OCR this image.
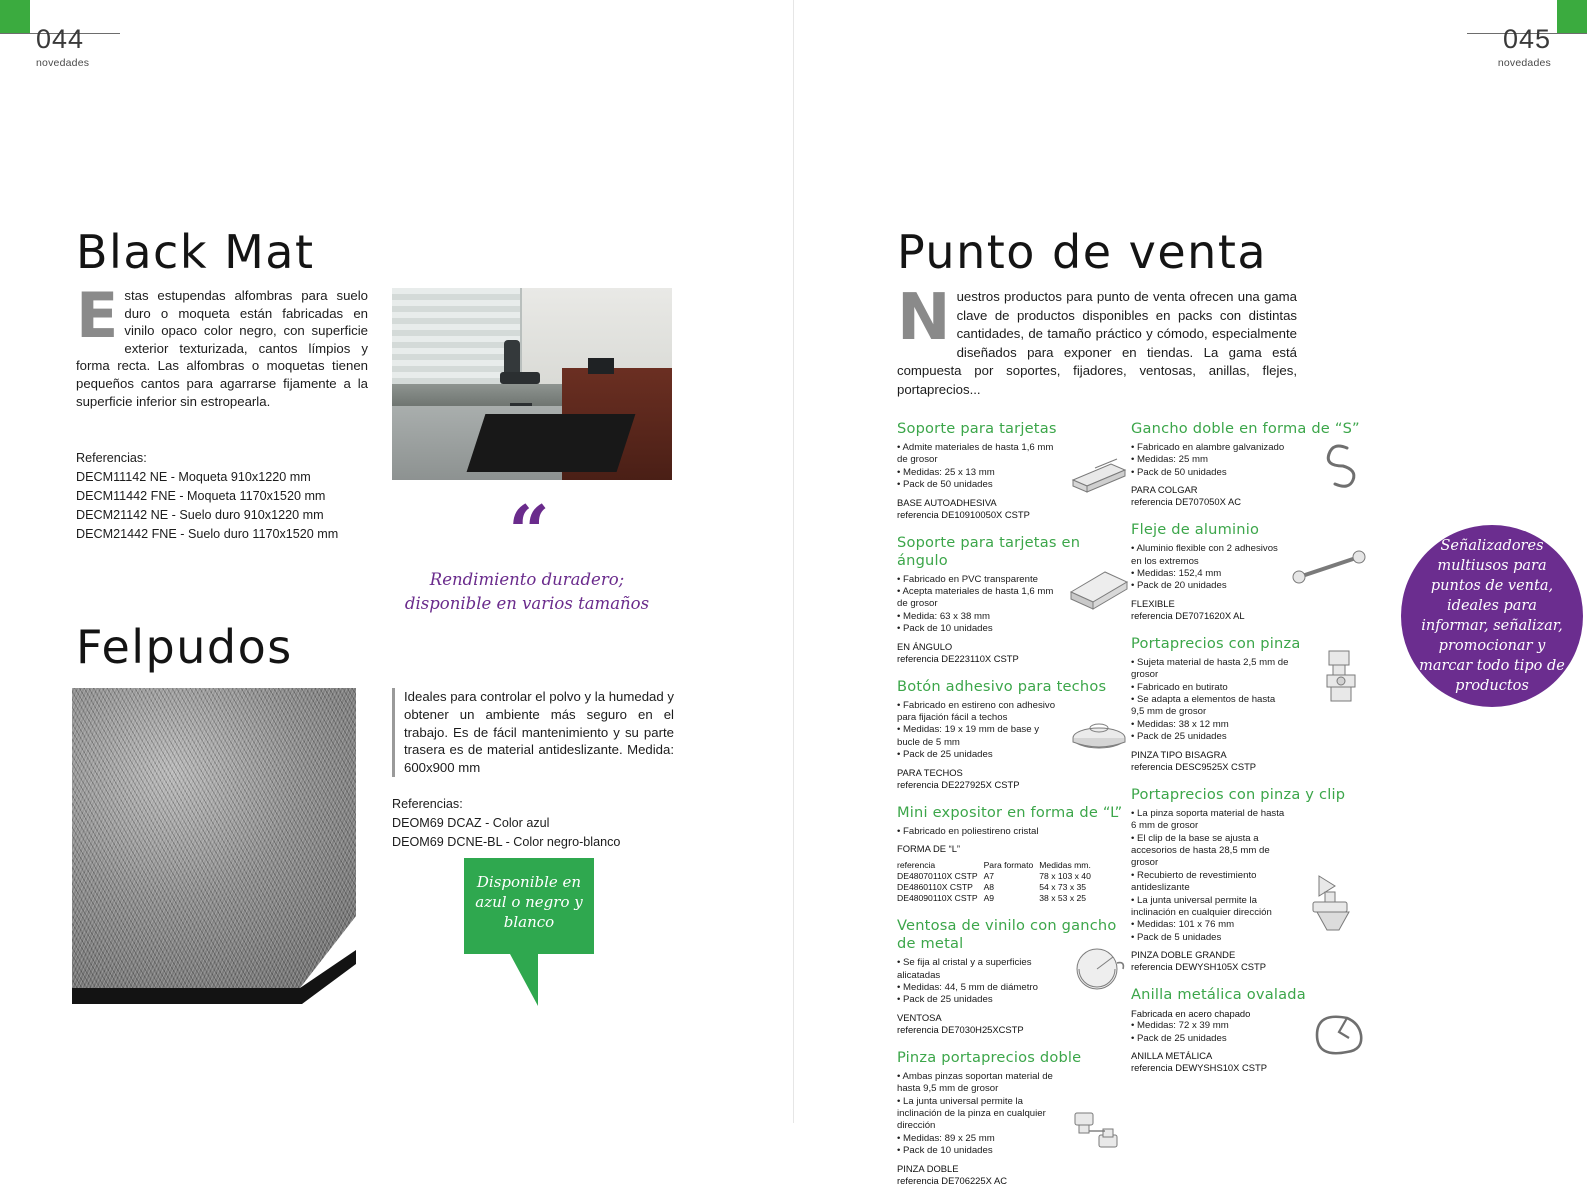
044
novedades
045
novedades
Black Mat
Estas estupendas alfombras para suelo duro o moqueta están fabricadas en vinilo opaco color negro, con superficie exterior texturizada, cantos límpios y forma recta. Las alfombras o moquetas tienen pequeños cantos para agarrarse fijamente a la superficie inferior sin estropearla.
Referencias:
DECM11142 NE - Moqueta 910x1220 mm
DECM11442 FNE - Moqueta 1170x1520 mm
DECM21142 NE - Suelo duro 910x1220 mm
DECM21442 FNE - Suelo duro 1170x1520 mm	“
Rendimiento duradero; disponible en varios tamaños
Felpudos
Ideales para controlar el polvo y la humedad y obtener un ambiente más seguro en el trabajo. Es de fácil mantenimiento y su parte trasera es de material antideslizante. Medida: 600x900 mm
Referencias:
DEOM69 DCAZ - Color azul
DEOM69 DCNE-BL - Color negro-blanco
Disponible en azul o negro y blanco
Punto de venta
Nuestros productos para punto de venta ofrecen una gama clave de productos disponibles en packs con distintas cantidades, de tamaño práctico y cómodo, especialmente diseñados para exponer en tiendas. La gama está compuesta por soportes, fijadores, ventosas, anillas, flejes, portaprecios...
Señalizadores multiusos para puntos de venta, ideales para informar, señalizar, promocionar y marcar todo tipo de productos
Soporte para tarjetas
• Admite materiales de hasta 1,6 mm de grosor
• Medidas: 25 x 13 mm
• Pack de 50 unidades
BASE AUTOADHESIVA
referencia DE10910050X CSTP
Soporte para tarjetas en ángulo
• Fabricado en PVC transparente
• Acepta materiales de hasta 1,6 mm de grosor
• Medida: 63 x 38 mm
• Pack de 10 unidades
EN ÁNGULO
referencia DE223110X CSTP
Botón adhesivo para techos
• Fabricado en estireno con adhesivo para fijación fácil a techos
• Medidas: 19 x 19 mm de base y bucle de 5 mm
• Pack de 25 unidades
PARA TECHOS
referencia DE227925X CSTP
Mini expositor en forma de “L”
• Fabricado en poliestireno cristal
FORMA DE “L”
referencia	Para formato	Medidas mm.
DE48070110X CSTP	A7	78 x 103 x 40
DE4860110X CSTP	A8	54 x 73 x 35
DE48090110X CSTP	A9	38 x 53 x 25
Ventosa de vinilo con gancho de metal
• Se fija al cristal y a superficies alicatadas
• Medidas: 44, 5 mm de diámetro
• Pack de 25 unidades
VENTOSA
referencia DE7030H25XCSTP
Pinza portaprecios doble
• Ambas pinzas soportan material de hasta 9,5 mm de grosor
• La junta universal permite la inclinación de la pinza en cualquier dirección
• Medidas: 89 x 25 mm
• Pack de 10 unidades
PINZA DOBLE
referencia DE706225X AC
Gancho doble en forma de “S”
• Fabricado en alambre galvanizado
• Medidas: 25 mm
• Pack de 50 unidades
PARA COLGAR
referencia DE707050X AC
Fleje de aluminio
• Aluminio flexible con 2 adhesivos en los extremos
• Medidas: 152,4 mm
• Pack de 20 unidades
FLEXIBLE
referencia DE7071620X AL
Portaprecios con pinza
• Sujeta material de hasta 2,5 mm de grosor
• Fabricado en butirato
• Se adapta a elementos de hasta 9,5 mm de grosor
• Medidas: 38 x 12 mm
• Pack de 25 unidades
PINZA TIPO BISAGRA
referencia DESC9525X CSTP
Portaprecios con pinza y clip
• La pinza soporta material de hasta 6 mm de grosor
• El clip de la base se ajusta a accesorios de hasta 28,5 mm de grosor
• Recubierto de revestimiento antideslizante
• La junta universal permite la inclinación en cualquier dirección
• Medidas: 101 x 76 mm
• Pack de 5 unidades
PINZA DOBLE GRANDE
referencia DEWYSH105X CSTP
Anilla metálica ovalada
Fabricada en acero chapado
• Medidas: 72 x 39 mm
• Pack de 25 unidades
ANILLA METÁLICA
referencia DEWYSHS10X CSTP
